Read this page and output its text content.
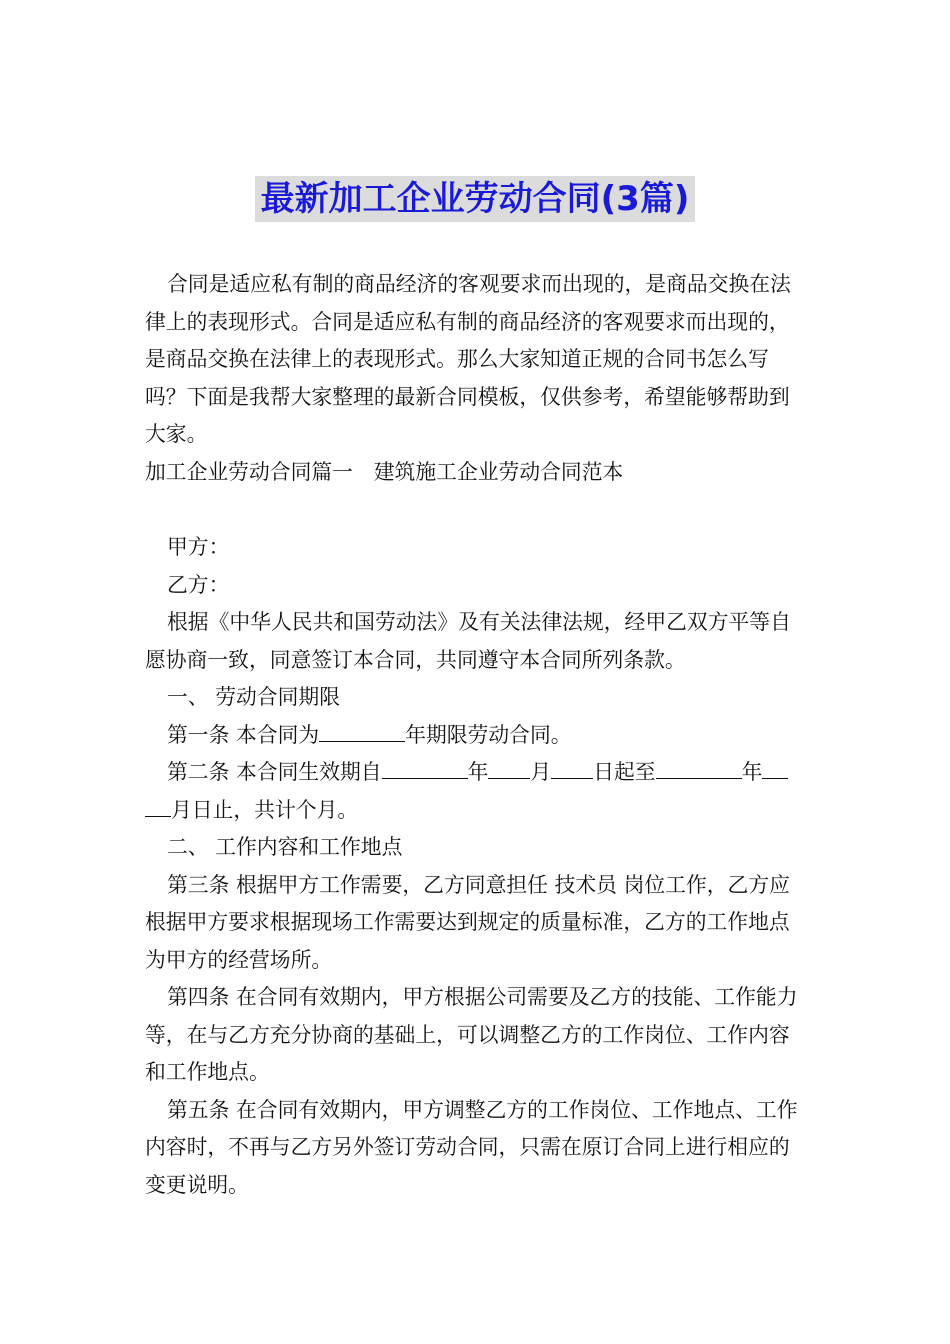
最新加工企业劳动合同(3篇)

合同是适应私有制的商品经济的客观要求而出现的，是商品交换在法律上的表现形式。合同是适应私有制的商品经济的客观要求而出现的，是商品交换在法律上的表现形式。那么大家知道正规的合同书怎么写吗？下面是我帮大家整理的最新合同模板，仅供参考，希望能够帮助到大家。

加工企业劳动合同篇一　建筑施工企业劳动合同范本

甲方：

乙方：

根据《中华人民共和国劳动法》及有关法律法规，经甲乙双方平等自愿协商一致，同意签订本合同，共同遵守本合同所列条款。

一、 劳动合同期限

第一条 本合同为	年期限劳动合同。

第二条 本合同生效期自	年 月 日起至	年月日止，共计个月。

二、 工作内容和工作地点

第三条 根据甲方工作需要，乙方同意担任 技术员 岗位工作，乙方应根据甲方要求根据现场工作需要达到规定的质量标准，乙方的工作地点为甲方的经营场所。

第四条 在合同有效期内，甲方根据公司需要及乙方的技能、工作能力等，在与乙方充分协商的基础上，可以调整乙方的工作岗位、工作内容和工作地点。

第五条 在合同有效期内，甲方调整乙方的工作岗位、工作地点、工作内容时，不再与乙方另外签订劳动合同，只需在原订合同上进行相应的变更说明。
